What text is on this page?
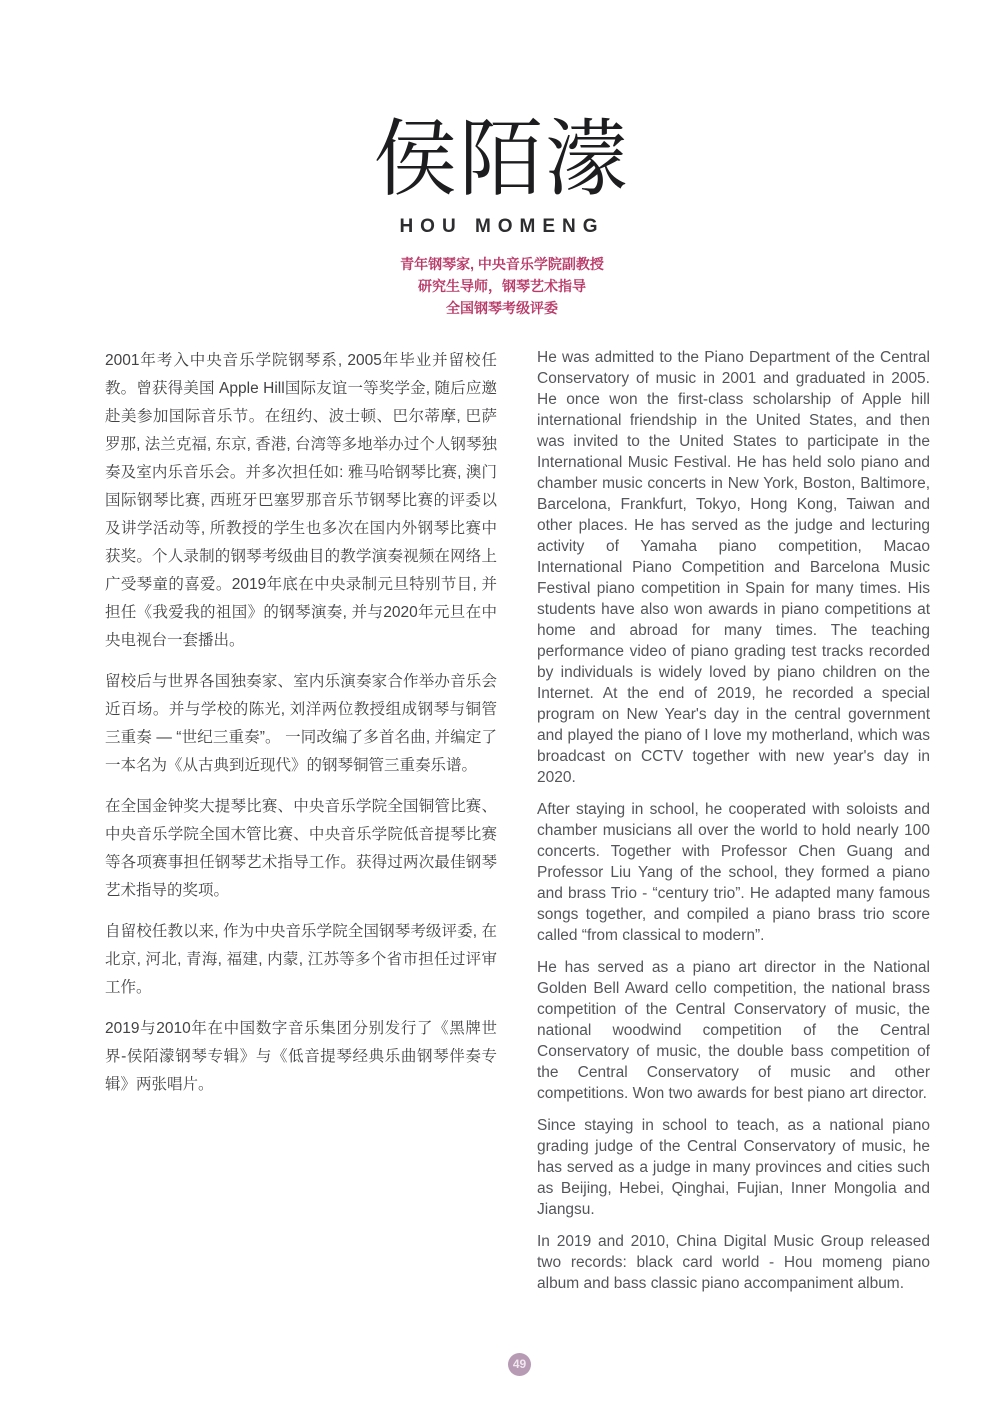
侯陌濛
HOU MOMENG
青年钢琴家, 中央音乐学院副教授
研究生导师，钢琴艺术指导
全国钢琴考级评委

2001年考入中央音乐学院钢琴系, 2005年毕业并留校任教。曾获得美国 Apple Hill国际友谊一等奖学金, 随后应邀赴美参加国际音乐节。在纽约、波士顿、巴尔蒂摩, 巴萨罗那, 法兰克福, 东京, 香港, 台湾等多地举办过个人钢琴独奏及室内乐音乐会。并多次担任如: 雅马哈钢琴比赛, 澳门国际钢琴比赛, 西班牙巴塞罗那音乐节钢琴比赛的评委以及讲学活动等, 所教授的学生也多次在国内外钢琴比赛中获奖。个人录制的钢琴考级曲目的教学演奏视频在网络上广受琴童的喜爱。2019年底在中央录制元旦特别节目, 并担任《我爱我的祖国》的钢琴演奏, 并与2020年元旦在中央电视台一套播出。

留校后与世界各国独奏家、室内乐演奏家合作举办音乐会近百场。并与学校的陈光, 刘洋两位教授组成钢琴与铜管三重奏 — “世纪三重奏”。 一同改编了多首名曲, 并编定了一本名为《从古典到近现代》的钢琴铜管三重奏乐谱。

在全国金钟奖大提琴比赛、中央音乐学院全国铜管比赛、中央音乐学院全国木管比赛、中央音乐学院低音提琴比赛等各项赛事担任钢琴艺术指导工作。获得过两次最佳钢琴艺术指导的奖项。

自留校任教以来, 作为中央音乐学院全国钢琴考级评委, 在北京, 河北, 青海, 福建, 内蒙, 江苏等多个省市担任过评审工作。

2019与2010年在中国数字音乐集团分别发行了《黑牌世界-侯陌濛钢琴专辑》与《低音提琴经典乐曲钢琴伴奏专辑》两张唱片。

He was admitted to the Piano Department of the Central Conservatory of music in 2001 and graduated in 2005. He once won the first-class scholarship of Apple hill international friendship in the United States, and then was invited to the United States to participate in the International Music Festival. He has held solo piano and chamber music concerts in New York, Boston, Baltimore, Barcelona, Frankfurt, Tokyo, Hong Kong, Taiwan and other places. He has served as the judge and lecturing activity of Yamaha piano competition, Macao International Piano Competition and Barcelona Music Festival piano competition in Spain for many times. His students have also won awards in piano competitions at home and abroad for many times. The teaching performance video of piano grading test tracks recorded by individuals is widely loved by piano children on the Internet. At the end of 2019, he recorded a special program on New Year's day in the central government and played the piano of I love my motherland, which was broadcast on CCTV together with new year's day in 2020.

After staying in school, he cooperated with soloists and chamber musicians all over the world to hold nearly 100 concerts. Together with Professor Chen Guang and Professor Liu Yang of the school, they formed a piano and brass Trio - “century trio”. He adapted many famous songs together, and compiled a piano brass trio score called “from classical to modern”.

He has served as a piano art director in the National Golden Bell Award cello competition, the national brass competition of the Central Conservatory of music, the national woodwind competition of the Central Conservatory of music, the double bass competition of the Central Conservatory of music and other competitions. Won two awards for best piano art director.

Since staying in school to teach, as a national piano grading judge of the Central Conservatory of music, he has served as a judge in many provinces and cities such as Beijing, Hebei, Qinghai, Fujian, Inner Mongolia and Jiangsu.

In 2019 and 2010, China Digital Music Group released two records: black card world - Hou momeng piano album and bass classic piano accompaniment album.

49
